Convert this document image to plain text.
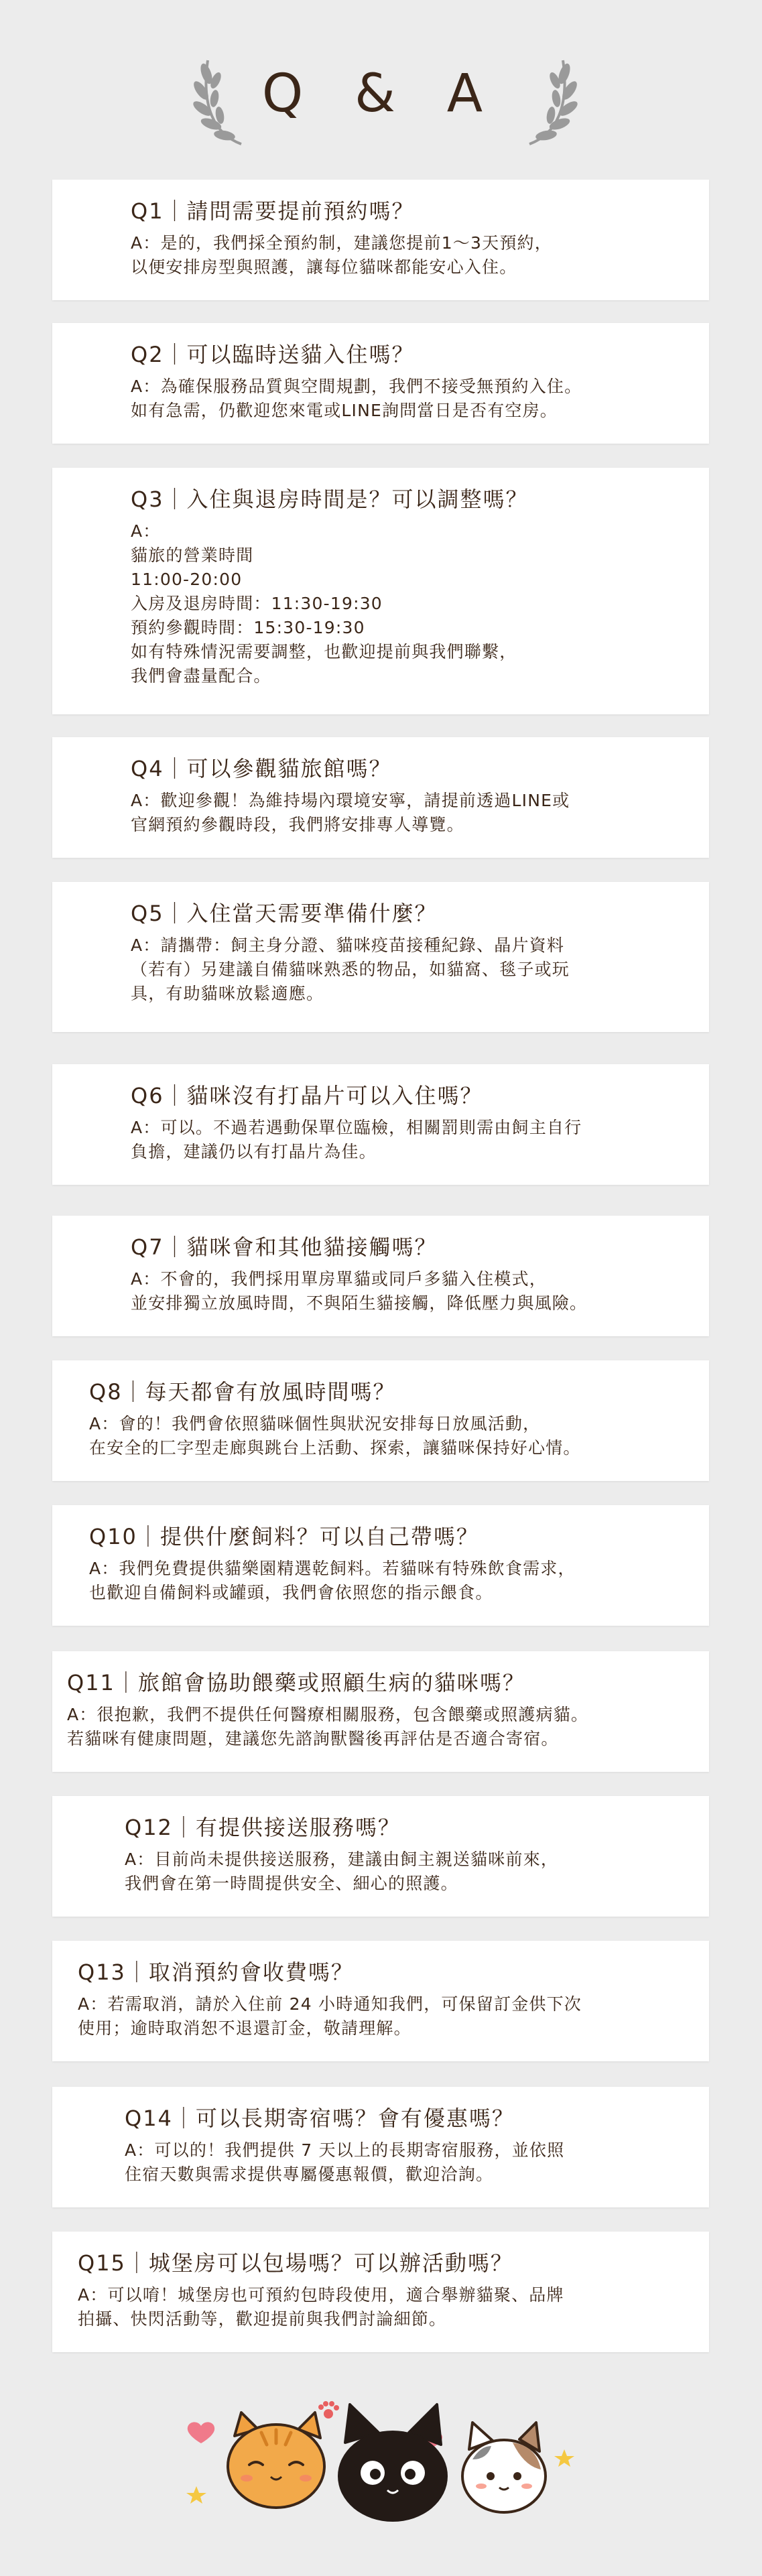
Q & A
Q1｜請問需要提前預約嗎？
A：是的，我們採全預約制，建議您提前1～3天預約，
以便安排房型與照護，讓每位貓咪都能安心入住。
Q2｜可以臨時送貓入住嗎？
A：為確保服務品質與空間規劃，我們不接受無預約入住。
如有急需，仍歡迎您來電或LINE詢問當日是否有空房。
Q3｜入住與退房時間是？可以調整嗎？
A：
貓旅的營業時間
11:00-20:00
入房及退房時間：11:30-19:30
預約參觀時間：15:30-19:30
如有特殊情況需要調整，也歡迎提前與我們聯繫，
我們會盡量配合。
Q4｜可以參觀貓旅館嗎？
A：歡迎參觀！為維持場內環境安寧，請提前透過LINE或
官網預約參觀時段，我們將安排專人導覽。
Q5｜入住當天需要準備什麼？
A：請攜帶：飼主身分證、貓咪疫苗接種紀錄、晶片資料
（若有）另建議自備貓咪熟悉的物品，如貓窩、毯子或玩
具，有助貓咪放鬆適應。
Q6｜貓咪沒有打晶片可以入住嗎？
A：可以。不過若遇動保單位臨檢，相關罰則需由飼主自行
負擔，建議仍以有打晶片為佳。
Q7｜貓咪會和其他貓接觸嗎？
A：不會的，我們採用單房單貓或同戶多貓入住模式，
並安排獨立放風時間，不與陌生貓接觸，降低壓力與風險。
Q8｜每天都會有放風時間嗎？
A：會的！我們會依照貓咪個性與狀況安排每日放風活動，
在安全的匚字型走廊與跳台上活動、探索，讓貓咪保持好心情。
Q10｜提供什麼飼料？可以自己帶嗎？
A：我們免費提供貓樂園精選乾飼料。若貓咪有特殊飲食需求，
也歡迎自備飼料或罐頭，我們會依照您的指示餵食。
Q11｜旅館會協助餵藥或照顧生病的貓咪嗎？
A：很抱歉，我們不提供任何醫療相關服務，包含餵藥或照護病貓。
若貓咪有健康問題，建議您先諮詢獸醫後再評估是否適合寄宿。
Q12｜有提供接送服務嗎？
A：目前尚未提供接送服務，建議由飼主親送貓咪前來，
我們會在第一時間提供安全、細心的照護。
Q13｜取消預約會收費嗎？
A：若需取消，請於入住前 24 小時通知我們，可保留訂金供下次
使用；逾時取消恕不退還訂金，敬請理解。
Q14｜可以長期寄宿嗎？會有優惠嗎？
A：可以的！我們提供 7 天以上的長期寄宿服務，並依照
住宿天數與需求提供專屬優惠報價，歡迎洽詢。
Q15｜城堡房可以包場嗎？可以辦活動嗎？
A：可以唷！城堡房也可預約包時段使用，適合舉辦貓聚、品牌
拍攝、快閃活動等，歡迎提前與我們討論細節。
